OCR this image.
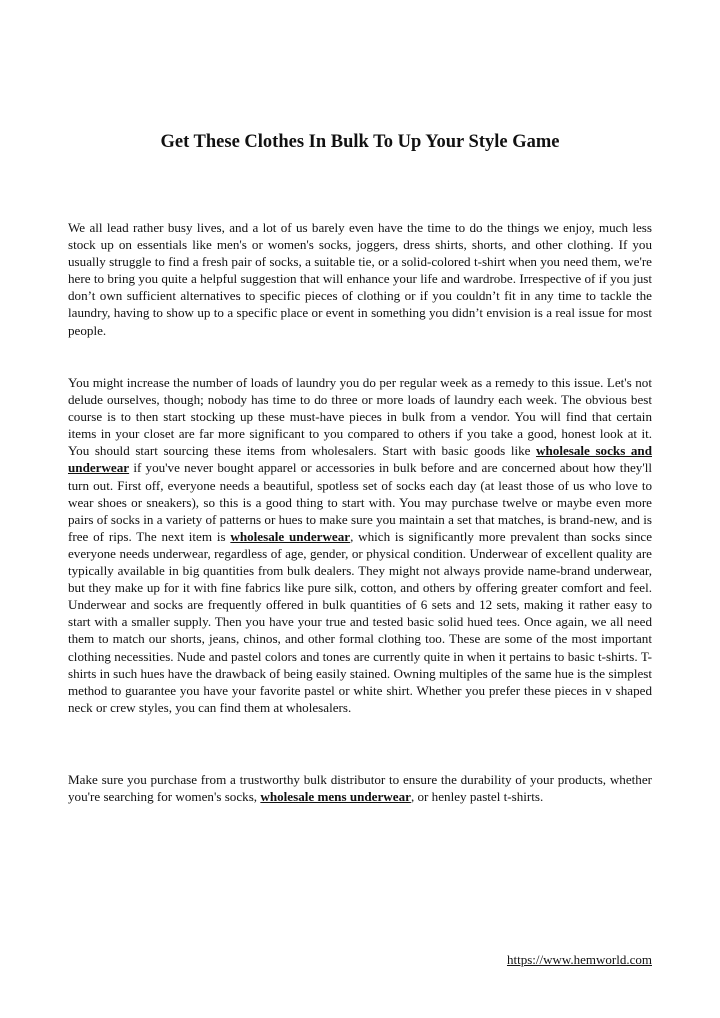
Get These Clothes In Bulk To Up Your Style Game

We all lead rather busy lives, and a lot of us barely even have the time to do the things we enjoy, much less stock up on essentials like men's or women's socks, joggers, dress shirts, shorts, and other clothing. If you usually struggle to find a fresh pair of socks, a suitable tie, or a solid-colored t-shirt when you need them, we're here to bring you quite a helpful suggestion that will enhance your life and wardrobe. Irrespective of if you just don’t own sufficient alternatives to specific pieces of clothing or if you couldn’t fit in any time to tackle the laundry, having to show up to a specific place or event in something you didn’t envision is a real issue for most people.

You might increase the number of loads of laundry you do per regular week as a remedy to this issue. Let's not delude ourselves, though; nobody has time to do three or more loads of laundry each week. The obvious best course is to then start stocking up these must-have pieces in bulk from a vendor. You will find that certain items in your closet are far more significant to you compared to others if you take a good, honest look at it. You should start sourcing these items from wholesalers. Start with basic goods like wholesale socks and underwear if you've never bought apparel or accessories in bulk before and are concerned about how they'll turn out. First off, everyone needs a beautiful, spotless set of socks each day (at least those of us who love to wear shoes or sneakers), so this is a good thing to start with. You may purchase twelve or maybe even more pairs of socks in a variety of patterns or hues to make sure you maintain a set that matches, is brand-new, and is free of rips. The next item is wholesale underwear, which is significantly more prevalent than socks since everyone needs underwear, regardless of age, gender, or physical condition. Underwear of excellent quality are typically available in big quantities from bulk dealers. They might not always provide name-brand underwear, but they make up for it with fine fabrics like pure silk, cotton, and others by offering greater comfort and feel. Underwear and socks are frequently offered in bulk quantities of 6 sets and 12 sets, making it rather easy to start with a smaller supply. Then you have your true and tested basic solid hued tees. Once again, we all need them to match our shorts, jeans, chinos, and other formal clothing too. These are some of the most important clothing necessities. Nude and pastel colors and tones are currently quite in when it pertains to basic t-shirts. T-shirts in such hues have the drawback of being easily stained. Owning multiples of the same hue is the simplest method to guarantee you have your favorite pastel or white shirt. Whether you prefer these pieces in v shaped neck or crew styles, you can find them at wholesalers.

Make sure you purchase from a trustworthy bulk distributor to ensure the durability of your products, whether you're searching for women's socks, wholesale mens underwear, or henley pastel t-shirts.

https://www.hemworld.com
